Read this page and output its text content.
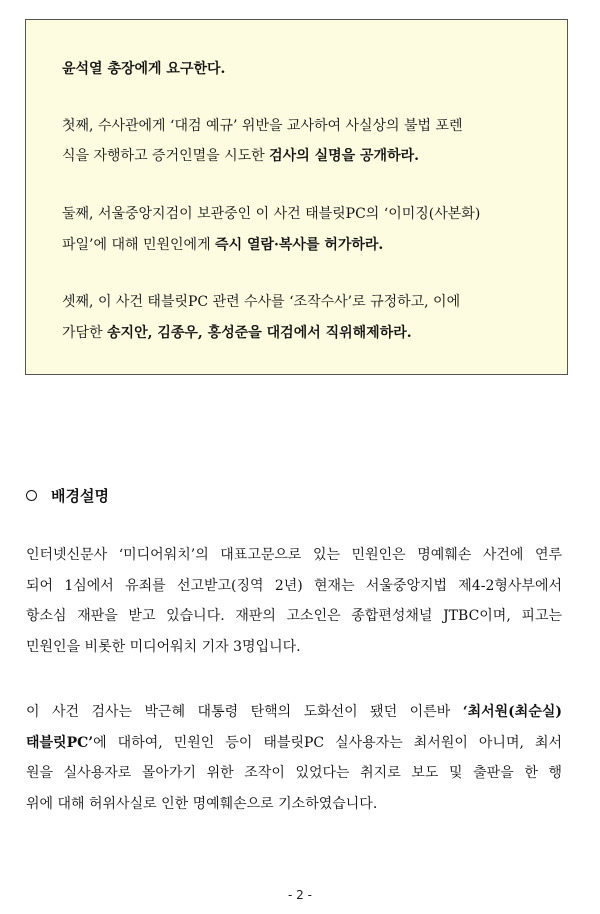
윤석열 총장에게 요구한다.
첫째, 수사관에게 ‘대검 예규’ 위반을 교사하여 사실상의 불법 포렌
식을 자행하고 증거인멸을 시도한 검사의 실명을 공개하라.
둘째, 서울중앙지검이 보관중인 이 사건 태블릿PC의 ‘이미징(사본화)
파일’에 대해 민원인에게 즉시 열람·복사를 허가하라.
셋째, 이 사건 태블릿PC 관련 수사를 ‘조작수사’로 규정하고, 이에
가담한 송지안, 김종우, 홍성준을 대검에서 직위해제하라.
배경설명
인터넷신문사 ‘미디어워치’의 대표고문으로 있는 민원인은 명예훼손 사건에 연루
되어 1심에서 유죄를 선고받고(징역 2년) 현재는 서울중앙지법 제4-2형사부에서
항소심 재판을 받고 있습니다. 재판의 고소인은 종합편성채널 JTBC이며, 피고는
민원인을 비롯한 미디어워치 기자 3명입니다.
이 사건 검사는 박근혜 대통령 탄핵의 도화선이 됐던 이른바 ‘최서원(최순실)
태블릿PC’에 대하여, 민원인 등이 태블릿PC 실사용자는 최서원이 아니며, 최서
원을 실사용자로 몰아가기 위한 조작이 있었다는 취지로 보도 및 출판을 한 행
위에 대해 허위사실로 인한 명예훼손으로 기소하였습니다.
- 2 -
